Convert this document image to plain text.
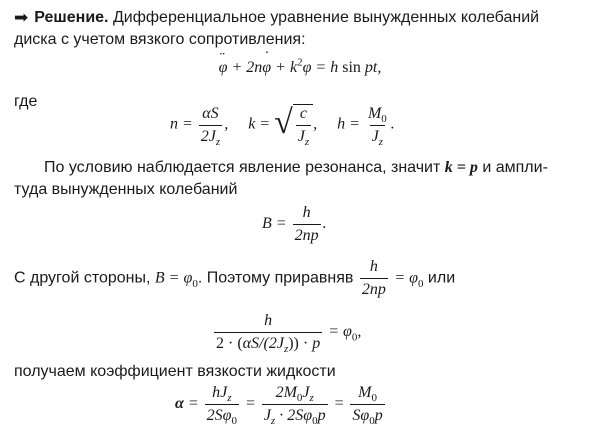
➡ Решение. Дифференциальное уравнение вынужденных колебаний
диска с учетом вязкого сопротивления:
φ ¨ + 2nφ ˙ + $k^2\varphi = h$ sin pt,
где
$n = \frac{\alpha S}{2J_z}$ ,     k = √ $\frac{c}{J_z}$ ,     $h = \frac{M_0}{J_z}$ .
По условию наблюдается явление резонанса, значит k = p и ампли-
туда вынужденных колебаний
$B = \frac{h}{2np}$ .
С другой стороны, $B = \varphi_0$. Поэтому приравняв $\frac{h}{2np} = \varphi_0$ или
$\frac{h}{2 \cdot (\alpha S/(2J_z)) \cdot p} = \varphi_0$,
получаем коэффициент вязкости жидкости
$\alpha = \frac{hJ_z}{2S\varphi_0} = \frac{2M_0J_z}{J_z \cdot 2S\varphi_0p} = \frac{M_0}{S\varphi_0p}$
